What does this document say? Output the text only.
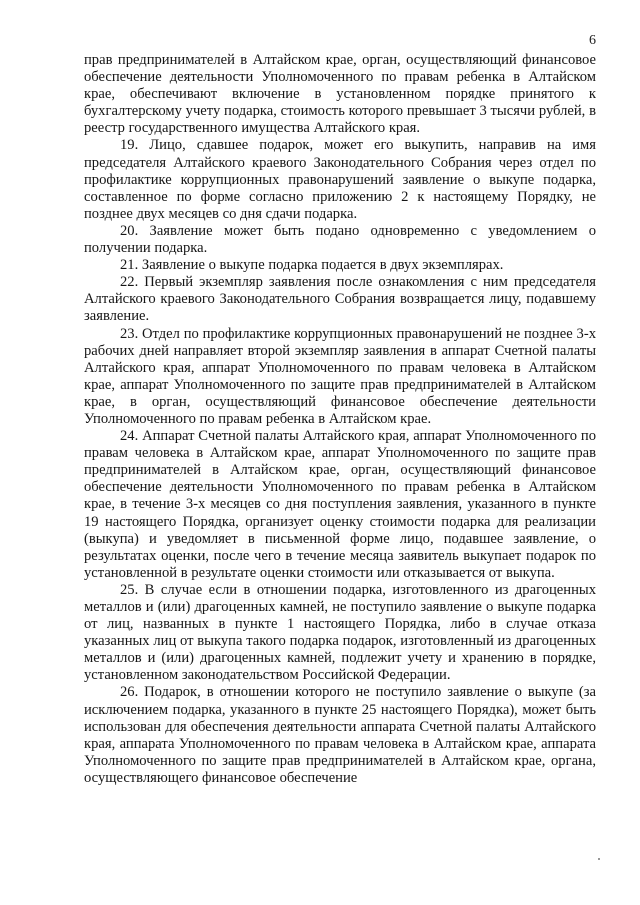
6

прав предпринимателей в Алтайском крае, орган, осуществляющий финансовое обеспечение деятельности Уполномоченного по правам ребенка в Алтайском крае, обеспечивают включение в установленном порядке принятого к бухгалтерскому учету подарка, стоимость которого превышает 3 тысячи рублей, в реестр государственного имущества Алтайского края.

19. Лицо, сдавшее подарок, может его выкупить, направив на имя председателя Алтайского краевого Законодательного Собрания через отдел по профилактике коррупционных правонарушений заявление о выкупе подарка, составленное по форме согласно приложению 2 к настоящему Порядку, не позднее двух месяцев со дня сдачи подарка.

20. Заявление может быть подано одновременно с уведомлением о получении подарка.

21. Заявление о выкупе подарка подается в двух экземплярах.

22. Первый экземпляр заявления после ознакомления с ним председателя Алтайского краевого Законодательного Собрания возвращается лицу, подавшему заявление.

23. Отдел по профилактике коррупционных правонарушений не позднее 3-х рабочих дней направляет второй экземпляр заявления в аппарат Счетной палаты Алтайского края, аппарат Уполномоченного по правам человека в Алтайском крае, аппарат Уполномоченного по защите прав предпринимателей в Алтайском крае, в орган, осуществляющий финансовое обеспечение деятельности Уполномоченного по правам ребенка в Алтайском крае.

24. Аппарат Счетной палаты Алтайского края, аппарат Уполномоченного по правам человека в Алтайском крае, аппарат Уполномоченного по защите прав предпринимателей в Алтайском крае, орган, осуществляющий финансовое обеспечение деятельности Уполномоченного по правам ребенка в Алтайском крае, в течение 3-х месяцев со дня поступления заявления, указанного в пункте 19 настоящего Порядка, организует оценку стоимости подарка для реализации (выкупа) и уведомляет в письменной форме лицо, подавшее заявление, о результатах оценки, после чего в течение месяца заявитель выкупает подарок по установленной в результате оценки стоимости или отказывается от выкупа.

25. В случае если в отношении подарка, изготовленного из драгоценных металлов и (или) драгоценных камней, не поступило заявление о выкупе подарка от лиц, названных в пункте 1 настоящего Порядка, либо в случае отказа указанных лиц от выкупа такого подарка подарок, изготовленный из драгоценных металлов и (или) драгоценных камней, подлежит учету и хранению в порядке, установленном законодательством Российской Федерации.

26. Подарок, в отношении которого не поступило заявление о выкупе (за исключением подарка, указанного в пункте 25 настоящего Порядка), может быть использован для обеспечения деятельности аппарата Счетной палаты Алтайского края, аппарата Уполномоченного по правам человека в Алтайском крае, аппарата Уполномоченного по защите прав предпринимателей в Алтайском крае, органа, осуществляющего финансовое обеспечение
